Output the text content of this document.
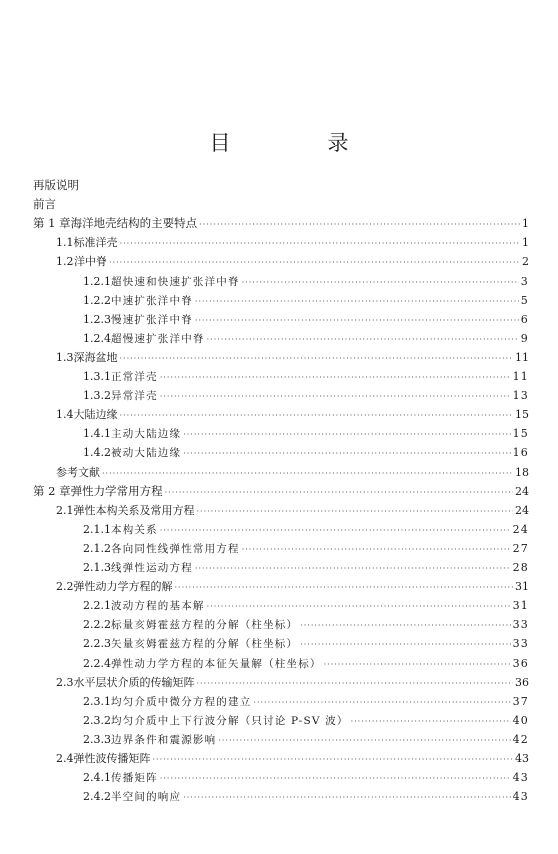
目　录
再版说明
前言
第 1 章 海洋地壳结构的主要特点 ·····	1
1.1 标准洋壳 ·····	1
1.2 洋中脊 ·····	2
1.2.1 超快速和快速扩张洋中脊 ·····	3
1.2.2 中速扩张洋中脊 ·····	5
1.2.3 慢速扩张洋中脊 ·····	6
1.2.4 超慢速扩张洋中脊 ·····	9
1.3 深海盆地 ·····	11
1.3.1 正常洋壳 ·····	11
1.3.2 异常洋壳 ·····	13
1.4 大陆边缘 ·····	15
1.4.1 主动大陆边缘 ·····	15
1.4.2 被动大陆边缘 ·····	16
参考文献 ·····	18
第 2 章 弹性力学常用方程 ·····	24
2.1 弹性本构关系及常用方程 ·····	24
2.1.1 本构关系 ·····	24
2.1.2 各向同性线弹性常用方程 ·····	27
2.1.3 线弹性运动方程 ·····	28
2.2 弹性动力学方程的解 ·····	31
2.2.1 波动方程的基本解 ·····	31
2.2.2 标量亥姆霍兹方程的分解（柱坐标） ·····	33
2.2.3 矢量亥姆霍兹方程的分解（柱坐标） ·····	33
2.2.4 弹性动力学方程的本征矢量解（柱坐标） ·····	36
2.3 水平层状介质的传输矩阵 ·····	36
2.3.1 均匀介质中微分方程的建立 ·····	37
2.3.2 均匀介质中上下行波分解（只讨论 P-SV 波） ·····	40
2.3.3 边界条件和震源影响 ·····	42
2.4 弹性波传播矩阵 ·····	43
2.4.1 传播矩阵 ·····	43
2.4.2 半空间的响应 ·····	43
